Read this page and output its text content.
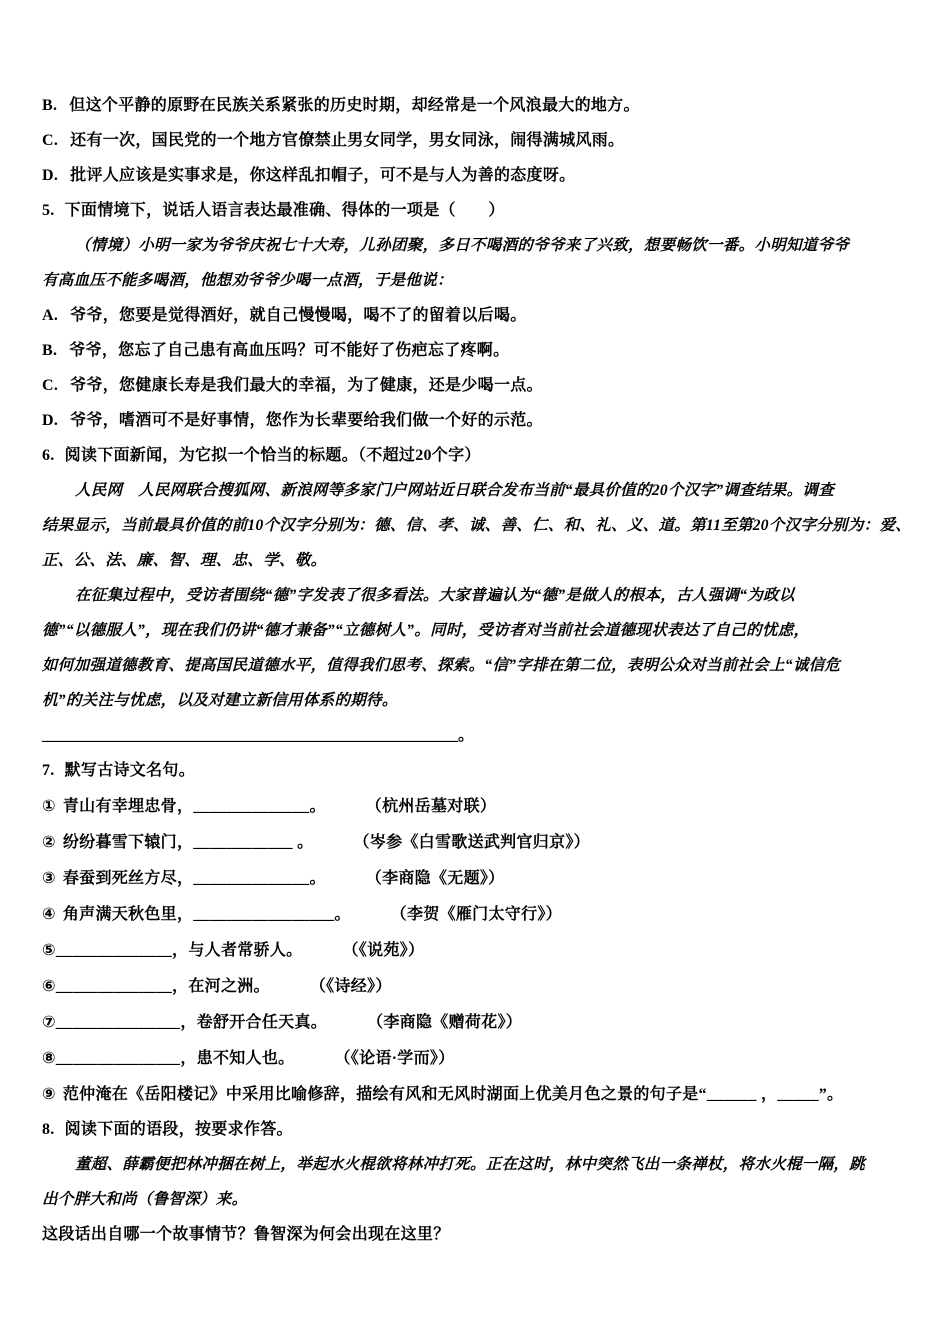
B. 但这个平静的原野在民族关系紧张的历史时期，却经常是一个风浪最大的地方。
C. 还有一次，国民党的一个地方官僚禁止男女同学，男女同泳，闹得满城风雨。
D. 批评人应该是实事求是，你这样乱扣帽子，可不是与人为善的态度呀。
5. 下面情境下，说话人语言表达最准确、得体的一项是（　　）
（情境）小明一家为爷爷庆祝七十大寿，儿孙团聚，多日不喝酒的爷爷来了兴致，想要畅饮一番。小明知道爷爷
有高血压不能多喝酒，他想劝爷爷少喝一点酒，于是他说：
A. 爷爷，您要是觉得酒好，就自己慢慢喝，喝不了的留着以后喝。
B. 爷爷，您忘了自己患有高血压吗？可不能好了伤疤忘了疼啊。
C. 爷爷，您健康长寿是我们最大的幸福，为了健康，还是少喝一点。
D. 爷爷，嗜酒可不是好事情，您作为长辈要给我们做一个好的示范。
6. 阅读下面新闻，为它拟一个恰当的标题。（不超过20个字）
人民网　人民网联合搜狐网、新浪网等多家门户网站近日联合发布当前“最具价值的20个汉字”调查结果。调查
结果显示，当前最具价值的前10个汉字分别为：德、信、孝、诚、善、仁、和、礼、义、道。第11至第20个汉字分别为：爱、
正、公、法、廉、智、理、忠、学、敬。
在征集过程中，受访者围绕“德”字发表了很多看法。大家普遍认为“德”是做人的根本，古人强调“为政以
德”“以德服人”，现在我们仍讲“德才兼备”“立德树人”。同时，受访者对当前社会道德现状表达了自己的忧虑，
如何加强道德教育、提高国民道德水平，值得我们思考、探索。“信”字排在第二位，表明公众对当前社会上“诚信危
机”的关注与忧虑，以及对建立新信用体系的期待。
____________________________________________________。
7. 默写古诗文名句。
① 青山有幸埋忠骨，______________。	（杭州岳墓对联）
② 纷纷暮雪下辕门，____________ 。	（岑参《白雪歌送武判官归京》）
③ 春蚕到死丝方尽，______________。	（李商隐《无题》）
④ 角声满天秋色里，_________________。	（李贺《雁门太守行》）
⑤______________，与人者常骄人。	（《说苑》）
⑥______________，在河之洲。	（《诗经》）
⑦_______________，卷舒开合任天真。	（李商隐《赠荷花》）
⑧_______________，患不知人也。	（《论语·学而》）
⑨ 范仲淹在《岳阳楼记》中采用比喻修辞，描绘有风和无风时湖面上优美月色之景的句子是“______ ，_____”。
8. 阅读下面的语段，按要求作答。
董超、薛霸便把林冲捆在树上，举起水火棍欲将林冲打死。正在这时，林中突然飞出一条禅杖，将水火棍一隔，跳
出个胖大和尚（鲁智深）来。
这段话出自哪一个故事情节？鲁智深为何会出现在这里？
